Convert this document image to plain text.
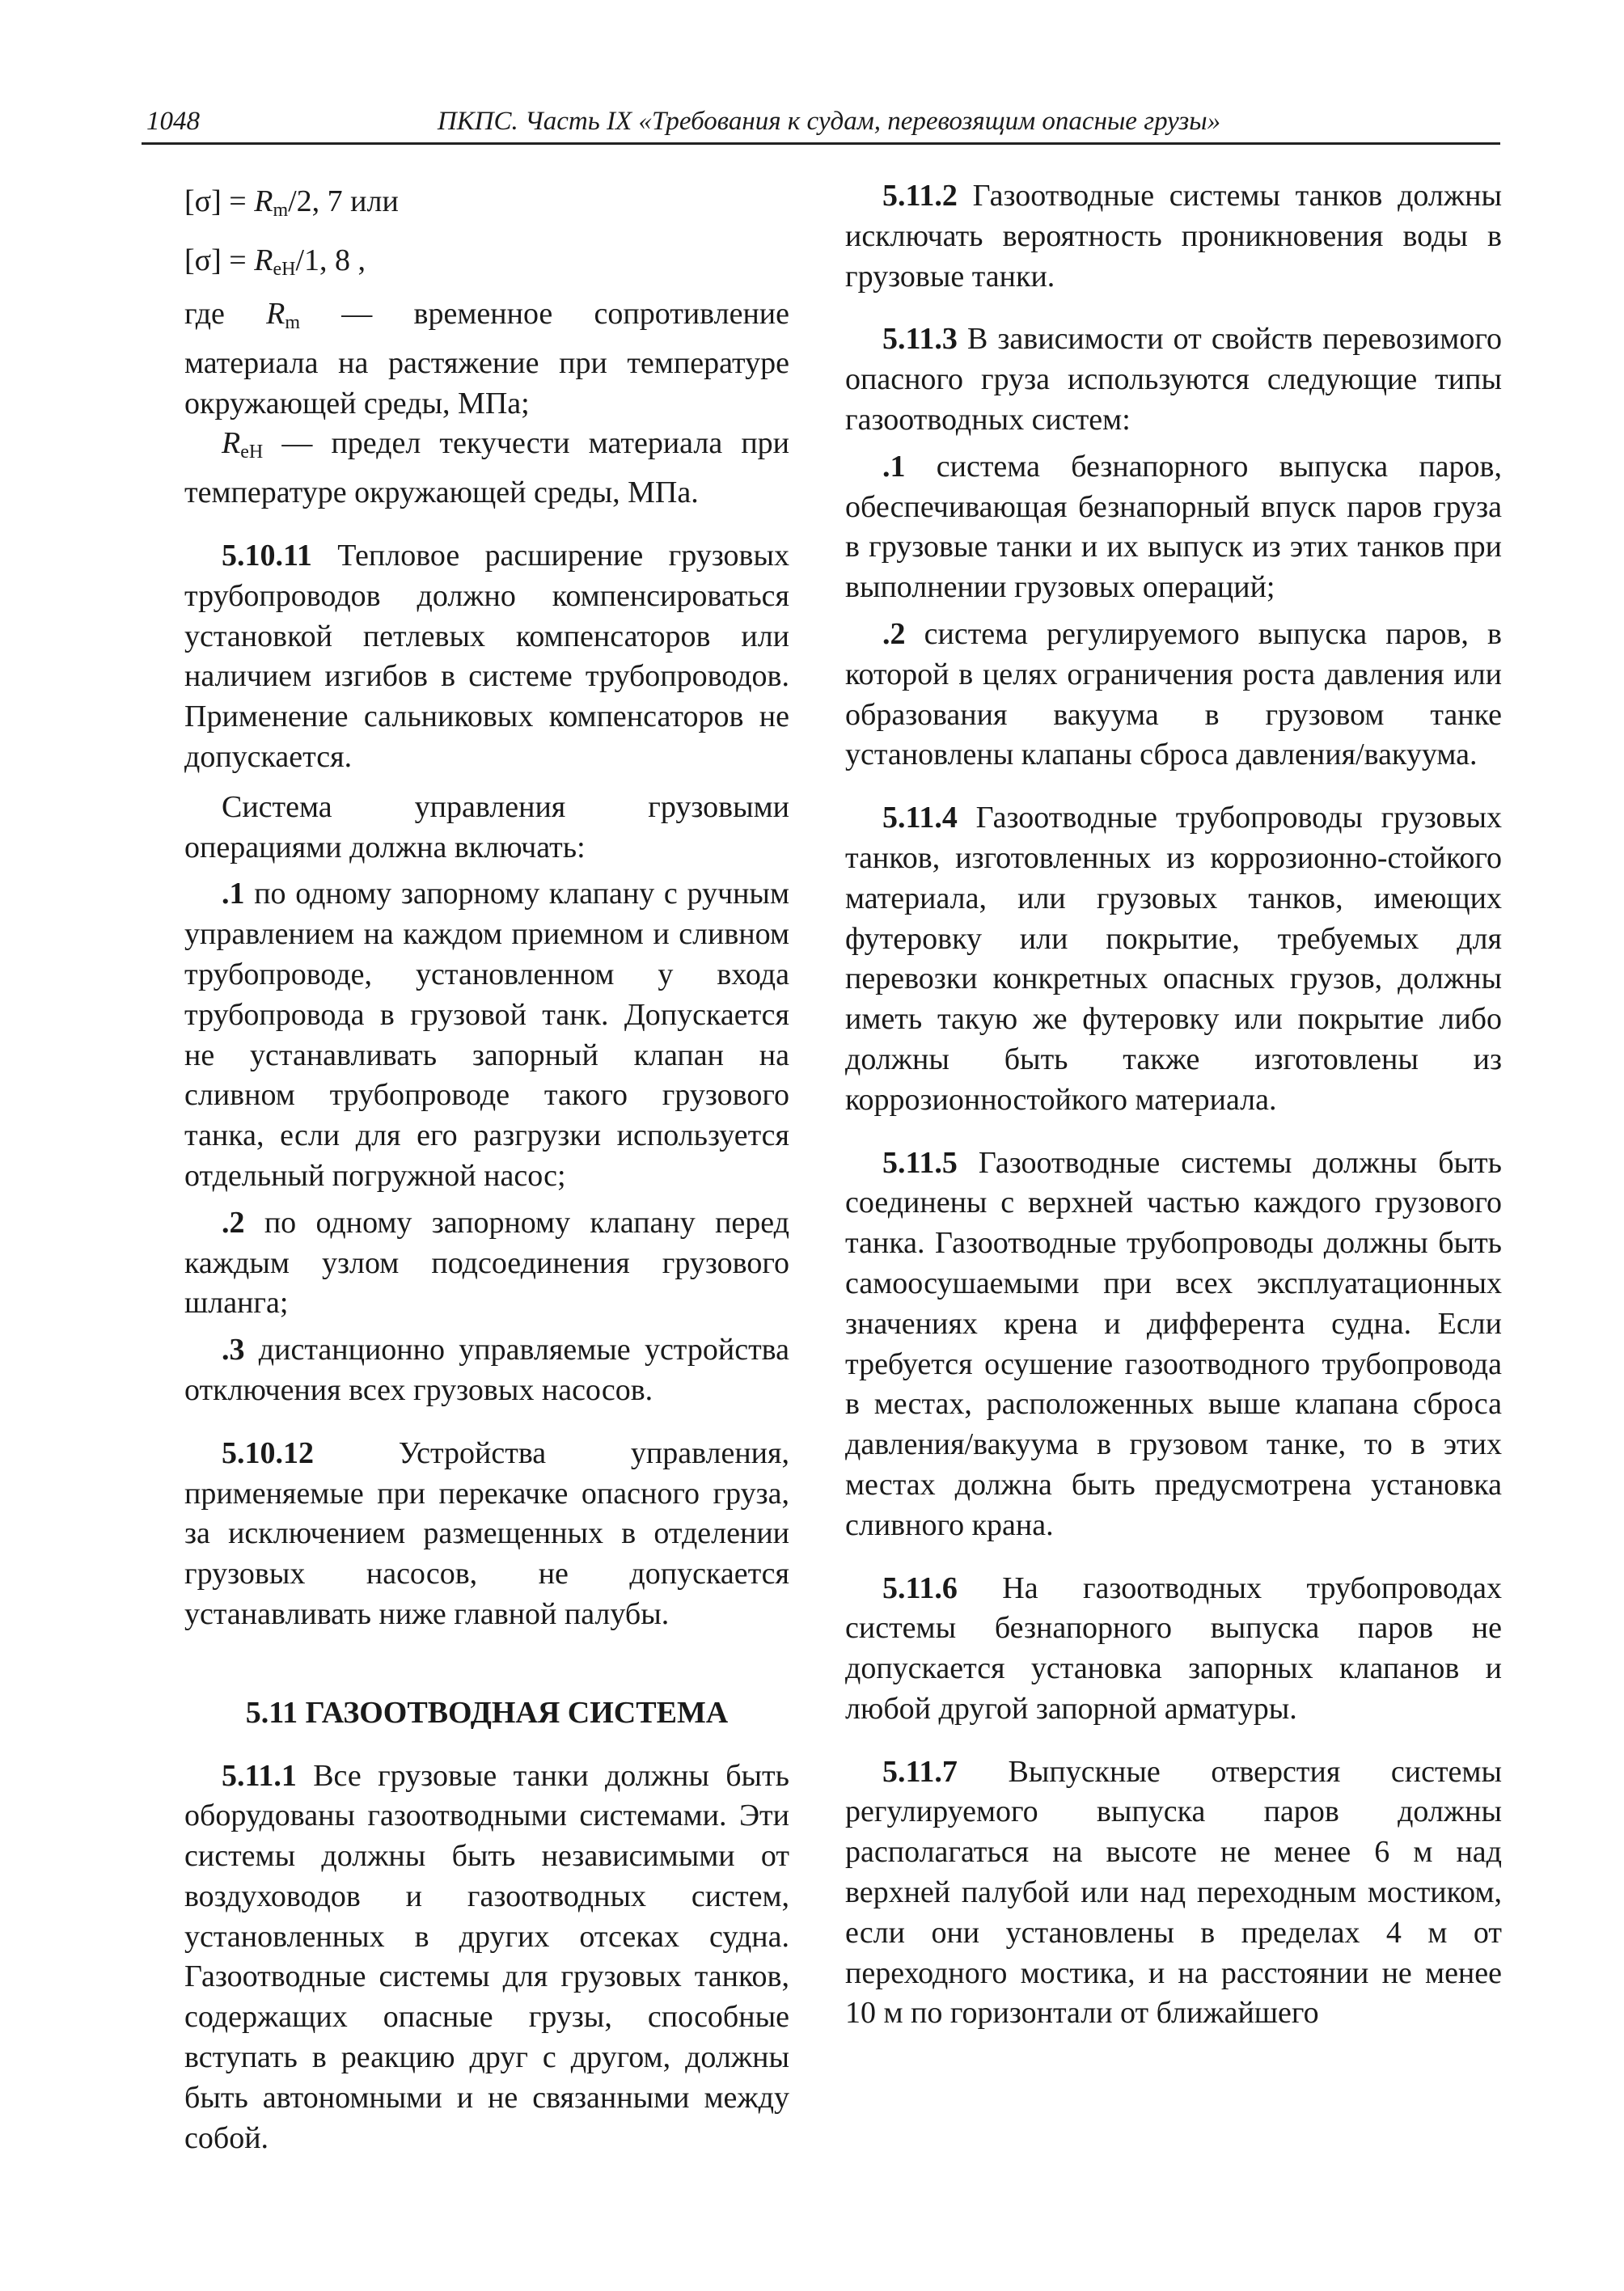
1048	ПКПС. Часть IX «Требования к судам, перевозящим опасные грузы»

$[\sigma] = R_m/2$, 7 или

$[\sigma] = R_{eH}/1$, 8 ,

где $R_m$ — временное сопротивление материала на растяжение при температуре окружающей среды, МПа;

$R_{eH}$ — предел текучести материала при температуре окружающей среды, МПа.

5.10.11 Тепловое расширение грузовых трубопроводов должно компенсироваться установкой петлевых компенсаторов или наличием изгибов в системе трубопроводов. Применение сальниковых компенсаторов не допускается.

Система управления грузовыми операциями должна включать:

.1 по одному запорному клапану с ручным управлением на каждом приемном и сливном трубопроводе, установленном у входа трубопровода в грузовой танк. Допускается не устанавливать запорный клапан на сливном трубопроводе такого грузового танка, если для его разгрузки используется отдельный погружной насос;

.2 по одному запорному клапану перед каждым узлом подсоединения грузового шланга;

.3 дистанционно управляемые устройства отключения всех грузовых насосов.

5.10.12 Устройства управления, применяемые при перекачке опасного груза, за исключением размещенных в отделении грузовых насосов, не допускается устанавливать ниже главной палубы.

5.11 ГАЗООТВОДНАЯ СИСТЕМА

5.11.1 Все грузовые танки должны быть оборудованы газоотводными системами. Эти системы должны быть независимыми от воздуховодов и газоотводных систем, установленных в других отсеках судна. Газоотводные системы для грузовых танков, содержащих опасные грузы, способные вступать в реакцию друг с другом, должны быть автономными и не связанными между собой.

5.11.2 Газоотводные системы танков должны исключать вероятность проникновения воды в грузовые танки.

5.11.3 В зависимости от свойств перевозимого опасного груза используются следующие типы газоотводных систем:

.1 система безнапорного выпуска паров, обеспечивающая безнапорный впуск паров груза в грузовые танки и их выпуск из этих танков при выполнении грузовых операций;

.2 система регулируемого выпуска паров, в которой в целях ограничения роста давления или образования вакуума в грузовом танке установлены клапаны сброса давления/вакуума.

5.11.4 Газоотводные трубопроводы грузовых танков, изготовленных из коррозионно-стойкого материала, или грузовых танков, имеющих футеровку или покрытие, требуемых для перевозки конкретных опасных грузов, должны иметь такую же футеровку или покрытие либо должны быть также изготовлены из коррозионностойкого материала.

5.11.5 Газоотводные системы должны быть соединены с верхней частью каждого грузового танка. Газоотводные трубопроводы должны быть самоосушаемыми при всех эксплуатационных значениях крена и дифферента судна. Если требуется осушение газоотводного трубопровода в местах, расположенных выше клапана сброса давления/вакуума в грузовом танке, то в этих местах должна быть предусмотрена установка сливного крана.

5.11.6 На газоотводных трубопроводах системы безнапорного выпуска паров не допускается установка запорных клапанов и любой другой запорной арматуры.

5.11.7 Выпускные отверстия системы регулируемого выпуска паров должны располагаться на высоте не менее 6 м над верхней палубой или над переходным мостиком, если они установлены в пределах 4 м от переходного мостика, и на расстоянии не менее 10 м по горизонтали от ближайшего
